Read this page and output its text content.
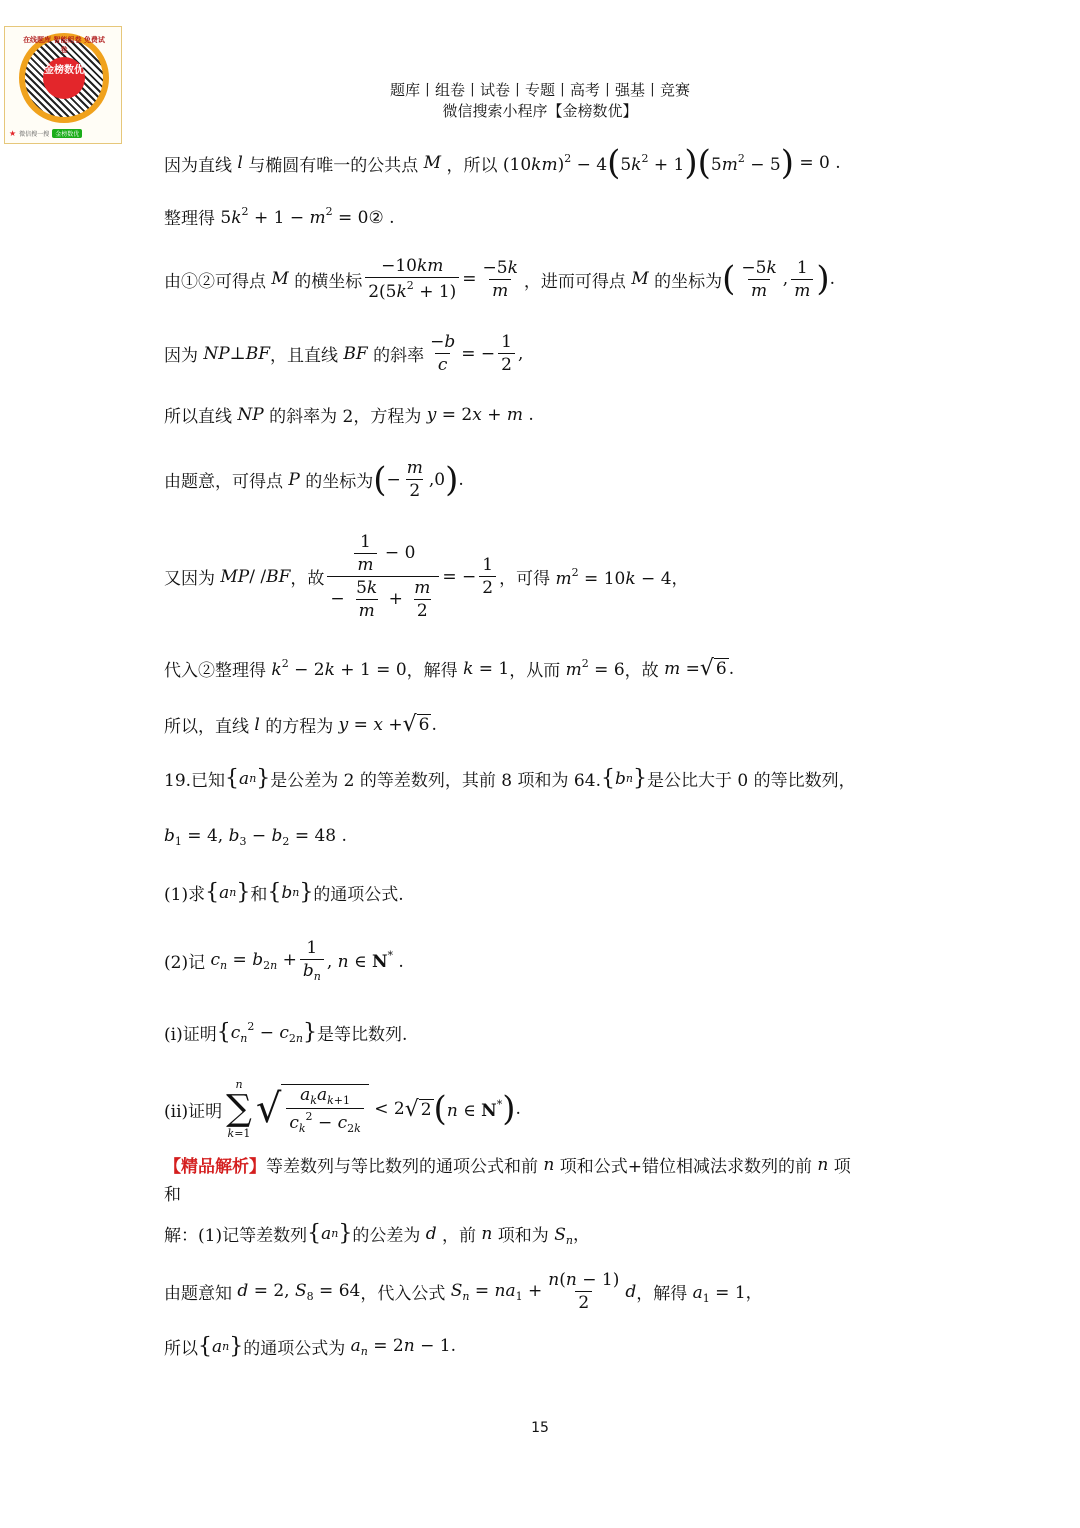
在线题库 智能组卷 免费试卷
金榜数优
★ 微信搜一搜	金榜数优
题库丨组卷丨试卷丨专题丨高考丨强基丨竞赛
微信搜索小程序【金榜数优】
因为直线 l 与椭圆有唯一的公共点 M ，所以 $(10km)^2 - 4$ ( $5k^2 + 1$ ) ( $5m^2 - 5$ ) = 0 .
整理得 $5k^2 + 1 - m^2$ = 0② .
由①②可得点 M 的横坐标 $\frac{-10km}{2(5k^2 + 1)} = \frac{-5k}{m}$ ，进而可得点 M 的坐标为 ( $\frac{-5k}{m}$ , $\frac{1}{m}$ ) .
因为 NP ⊥ BF ，且直线 BF 的斜率 $\frac{-b}{c}$ = − $\frac{1}{2}$ ,
所以直线 NP 的斜率为 2，方程为 y = 2x + m .
由题意，可得点 P 的坐标为 ( − $\frac{m}{2} ,0$ ) .
又因为 MP / / BF ，故 $\frac{\frac{1}{m} - 0}{- \frac{5k}{m} + \frac{m}{2}}$ = − $\frac{1}{2}$ ，可得 $m^2 = 10k - 4$，
代入②整理得 $k^2 - 2k + 1 = 0$ ，解得 k = 1 ，从而 $m^2 = 6$ ，故 m = √ 6 .
所以，直线 l 的方程为 y = x + √ 6 .
19.已知 { a n } 是公差为 2 的等差数列，其前 8 项和为 64. { b n } 是公比大于 0 的等比数列，
$b_1 = 4$, $b_3 - b_2 = 48$ .
(1)求 { a n } 和 { b n } 的通项公式.
(2)记 $c_n = b_{2n} + \frac{1}{b_n}$ , n ∈ N* .
(i)证明 { $c_n^2 - c_{2n}$ } 是等比数列.
(ii)证明
n
∑
k=1
√ $\frac{a_ka_{k+1}}{c_k^2 - c_{2k}} < 2$ √ 2 ( n ∈ N* ) .
【精品解析】 等差数列与等比数列的通项公式和前 n 项和公式+错位相减法求数列的前 n 项
和
解：(1)记等差数列 { a n } 的公差为 d ，前 n 项和为 $S_n$，
由题意知 d = 2, $S_8 = 64$ ，代入公式 $S_n = na_1 + \frac{n(n - 1)}{2}$ d ，解得 $a_1 = 1$，
所以 { a n } 的通项公式为 $a_n = 2n - 1$.
15
